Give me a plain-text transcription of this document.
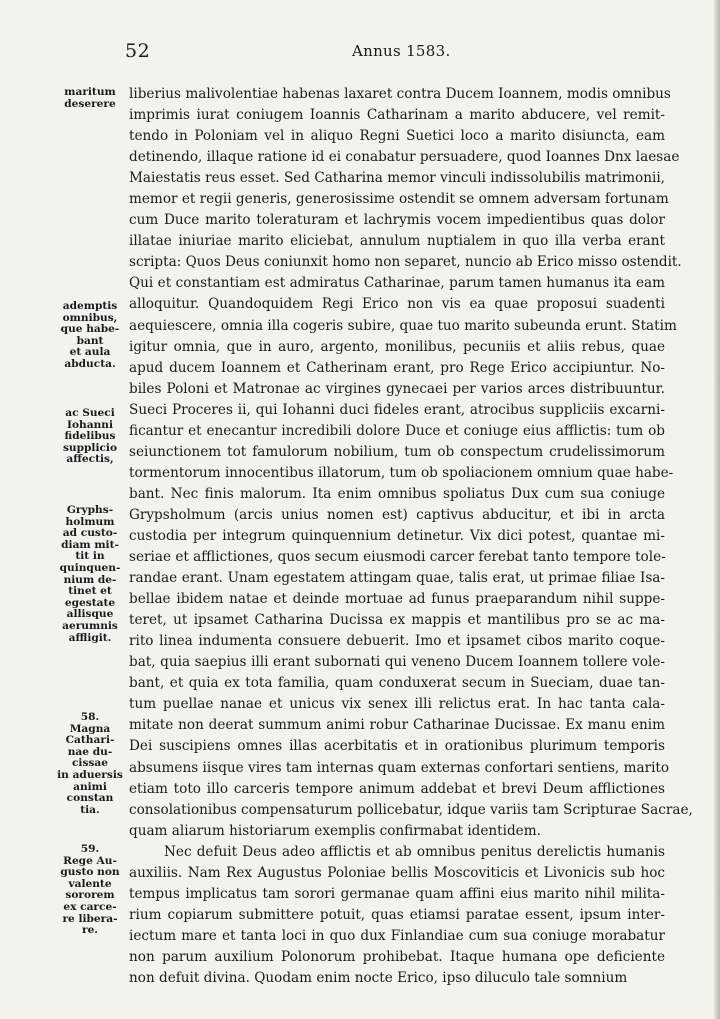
52	Annus 1583.
liberius malivolentiae habenas laxaret contra Ducem Ioannem, modis omnibus
imprimis iurat coniugem Ioannis Catharinam a marito abducere, vel remit-
tendo in Poloniam vel in aliquo Regni Suetici loco a marito disiuncta, eam
detinendo, illaque ratione id ei conabatur persuadere, quod Ioannes Dnx laesae
Maiestatis reus esset. Sed Catharina memor vinculi indissolubilis matrimonii,
memor et regii generis, generosissime ostendit se omnem adversam fortunam
cum Duce marito toleraturam et lachrymis vocem impedientibus quas dolor
illatae iniuriae marito eliciebat, annulum nuptialem in quo illa verba erant
scripta: Quos Deus coniunxit homo non separet, nuncio ab Erico misso ostendit.
Qui et constantiam est admiratus Catharinae, parum tamen humanus ita eam
alloquitur. Quandoquidem Regi Erico non vis ea quae proposui suadenti
aequiescere, omnia illa cogeris subire, quae tuo marito subeunda erunt. Statim
igitur omnia, que in auro, argento, monilibus, pecuniis et aliis rebus, quae
apud ducem Ioannem et Catherinam erant, pro Rege Erico accipiuntur. No-
biles Poloni et Matronae ac virgines gynecaei per varios arces distribuuntur.
Sueci Proceres ii, qui Iohanni duci fideles erant, atrocibus suppliciis excarni-
ficantur et enecantur incredibili dolore Duce et coniuge eius afflictis: tum ob
seiunctionem tot famulorum nobilium, tum ob conspectum crudelissimorum
tormentorum innocentibus illatorum, tum ob spoliacionem omnium quae habe-
bant. Nec finis malorum. Ita enim omnibus spoliatus Dux cum sua coniuge
Grypsholmum (arcis unius nomen est) captivus abducitur, et ibi in arcta
custodia per integrum quinquennium detinetur. Vix dici potest, quantae mi-
seriae et afflictiones, quos secum eiusmodi carcer ferebat tanto tempore tole-
randae erant. Unam egestatem attingam quae, talis erat, ut primae filiae Isa-
bellae ibidem natae et deinde mortuae ad funus praeparandum nihil suppe-
teret, ut ipsamet Catharina Ducissa ex mappis et mantilibus pro se ac ma-
rito linea indumenta consuere debuerit. Imo et ipsamet cibos marito coque-
bat, quia saepius illi erant subornati qui veneno Ducem Ioannem tollere vole-
bant, et quia ex tota familia, quam conduxerat secum in Sueciam, duae tan-
tum puellae nanae et unicus vix senex illi relictus erat. In hac tanta cala-
mitate non deerat summum animi robur Catharinae Ducissae. Ex manu enim
Dei suscipiens omnes illas acerbitatis et in orationibus plurimum temporis
absumens iisque vires tam internas quam externas confortari sentiens, marito
etiam toto illo carceris tempore animum addebat et brevi Deum afflictiones
consolationibus compensaturum pollicebatur, idque variis tam Scripturae Sacrae,
quam aliarum historiarum exemplis confirmabat identidem.
Nec defuit Deus adeo afflictis et ab omnibus penitus derelictis humanis
auxiliis. Nam Rex Augustus Poloniae bellis Moscoviticis et Livonicis sub hoc
tempus implicatus tam sorori germanae quam affini eius marito nihil milita-
rium copiarum submittere potuit, quas etiamsi paratae essent, ipsum inter-
iectum mare et tanta loci in quo dux Finlandiae cum sua coniuge morabatur
non parum auxilium Polonorum prohibebat. Itaque humana ope deficiente
non defuit divina. Quodam enim nocte Erico, ipso diluculo tale somnium
maritum
deserere
ademptis
omnibus,
que habe-
bant
et aula
abducta.
ac Sueci
Iohanni
fidelibus
supplicio
affectis,
Gryphs-
holmum
ad custo-
diam mit-
tit in
quinquen-
nium de-
tinet et
egestate
allisque
aerumnis
affligit.
58.
Magna
Cathari-
nae du-
cissae
in aduersis
animi
constan
tia.
59.
Rege Au-
gusto non
valente
sororem
ex carce-
re libera-
re.
